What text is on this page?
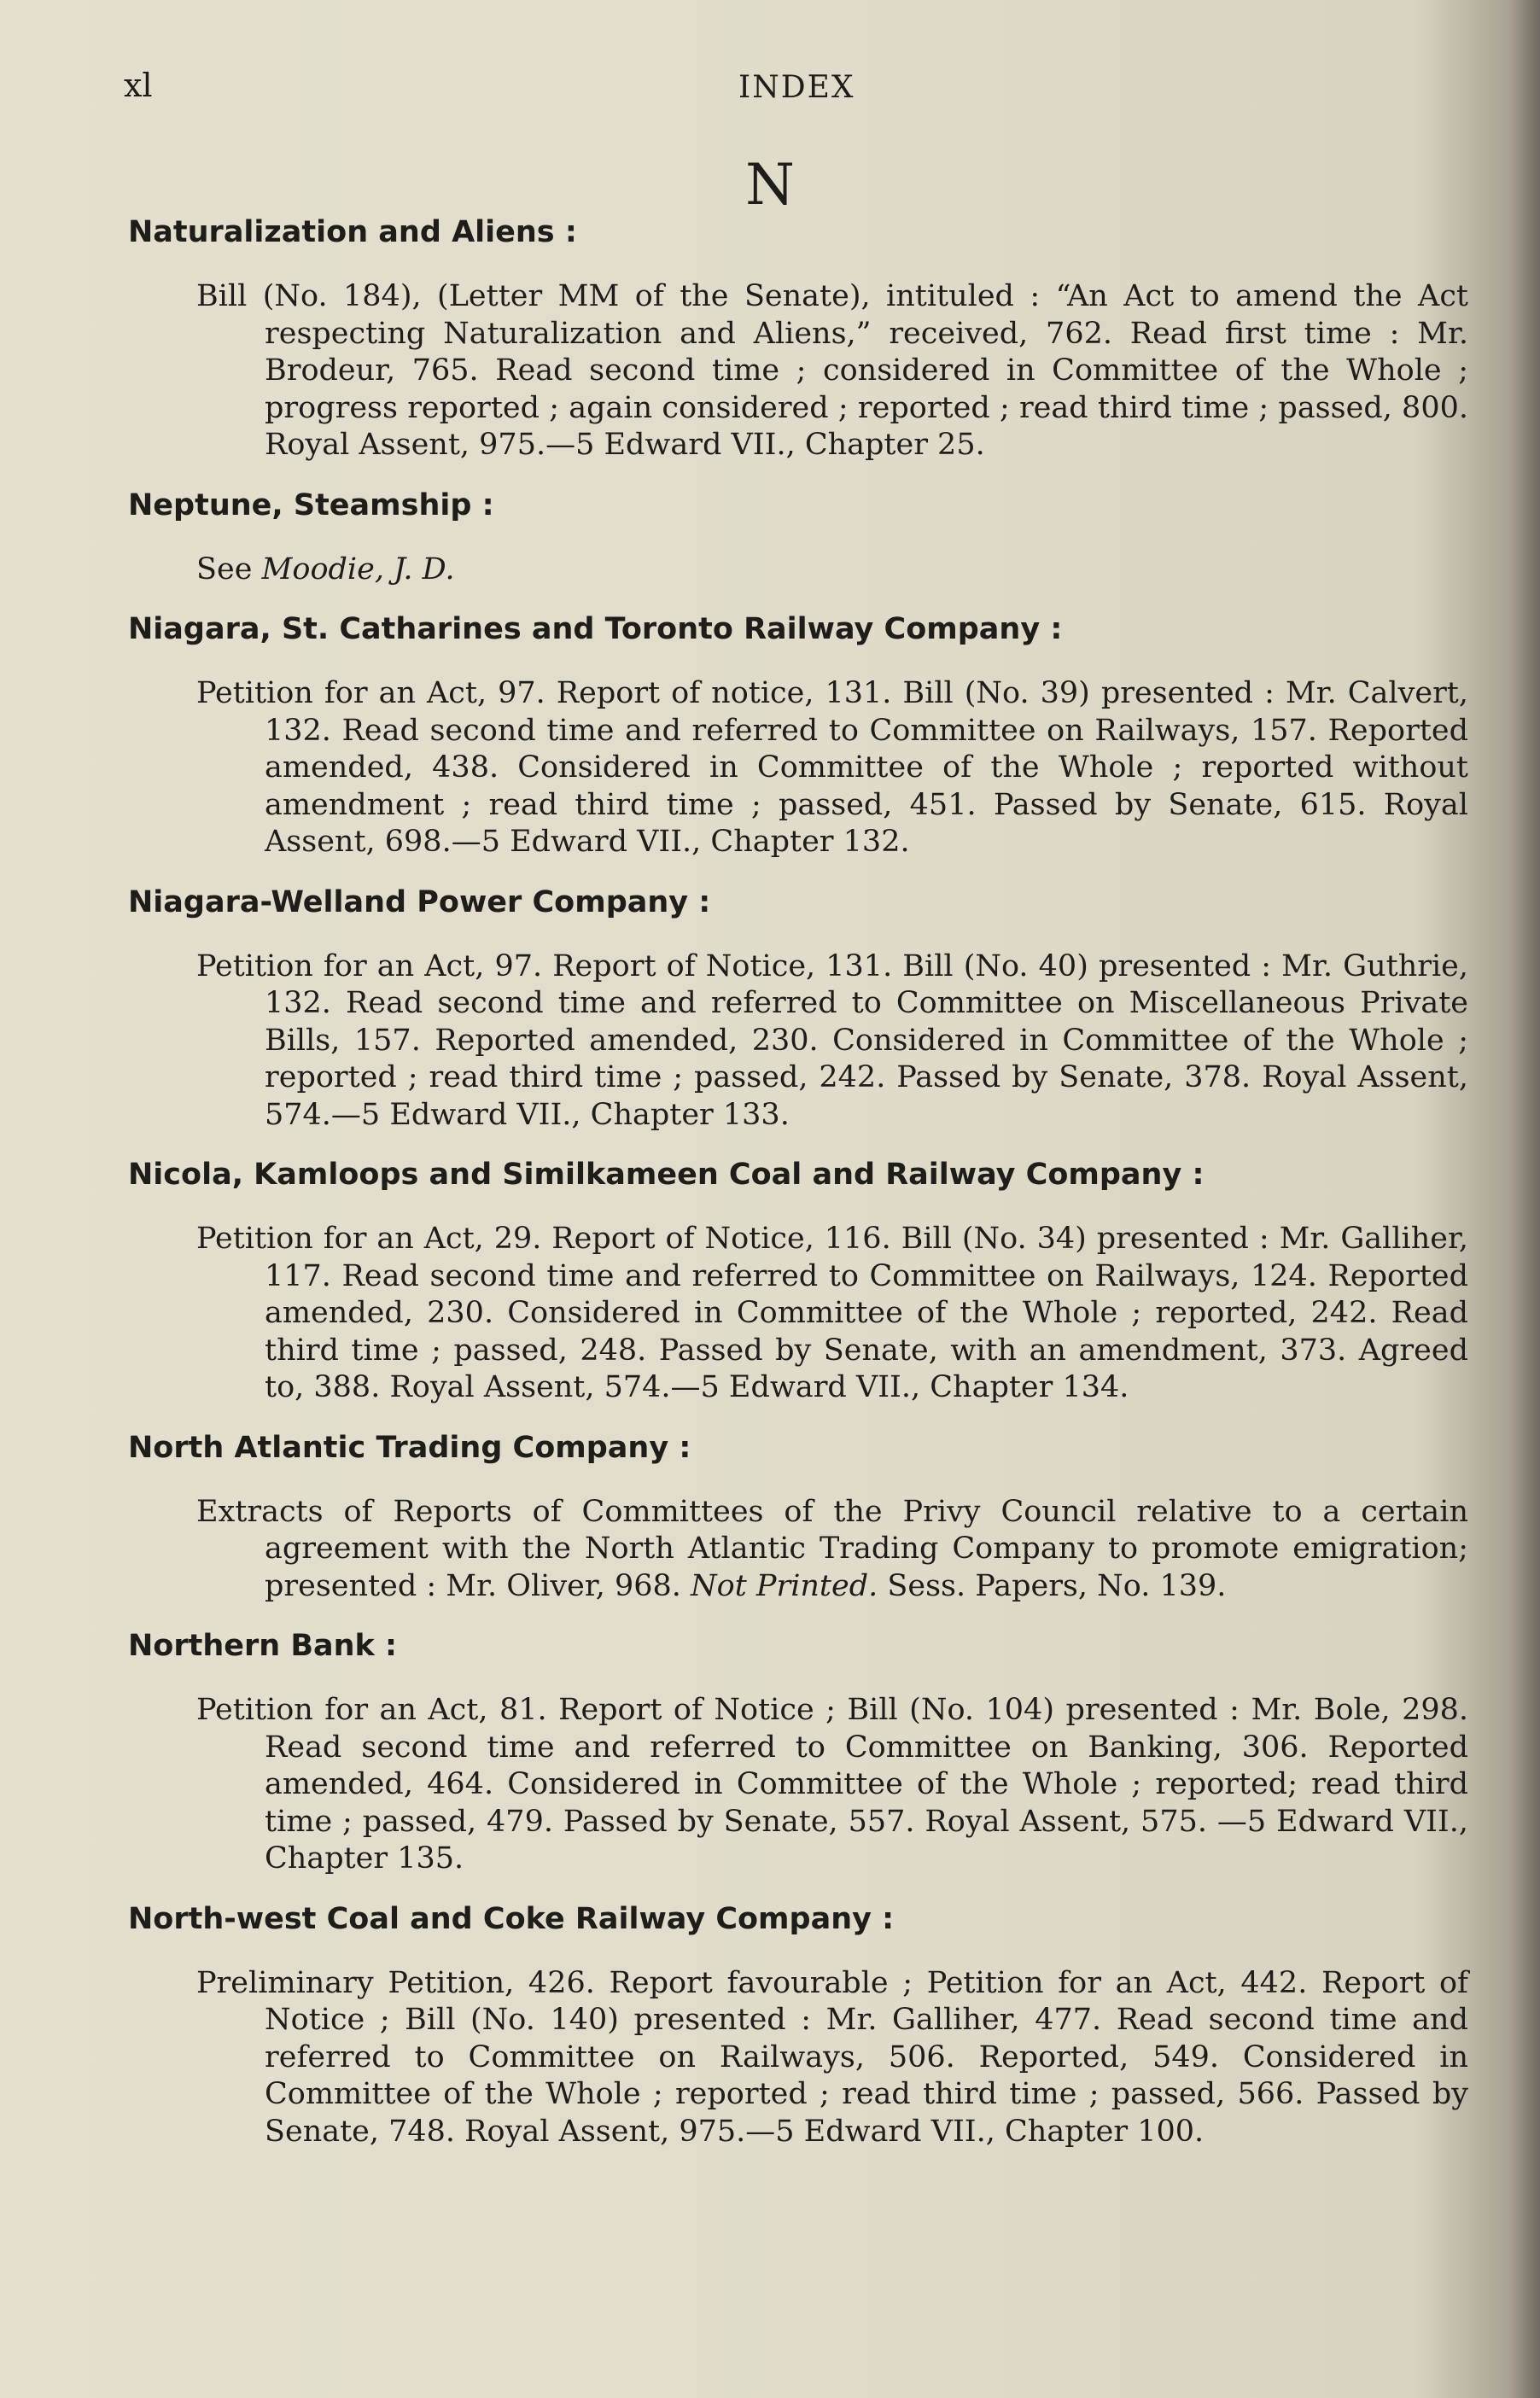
xl	INDEX
N
Naturalization and Aliens :

Bill (No. 184), (Letter MM of the Senate), intituled : “An Act to amend the Act respecting Naturalization and Aliens,” received, 762. Read first time : Mr. Brodeur, 765. Read second time ; considered in Committee of the Whole ; progress reported ; again considered ; reported ; read third time ; passed, 800. Royal Assent, 975.—5 Edward VII., Chapter 25.

Neptune, Steamship :

See Moodie, J. D.

Niagara, St. Catharines and Toronto Railway Company :

Petition for an Act, 97. Report of notice, 131. Bill (No. 39) presented : Mr. Calvert, 132. Read second time and referred to Committee on Railways, 157. Reported amended, 438. Considered in Committee of the Whole ; reported without amendment ; read third time ; passed, 451. Passed by Senate, 615. Royal Assent, 698.—5 Edward VII., Chapter 132.

Niagara-Welland Power Company :

Petition for an Act, 97. Report of Notice, 131. Bill (No. 40) presented : Mr. Guthrie, 132. Read second time and referred to Committee on Miscellaneous Private Bills, 157. Reported amended, 230. Considered in Committee of the Whole ; reported ; read third time ; passed, 242. Passed by Senate, 378. Royal Assent, 574.—5 Edward VII., Chapter 133.

Nicola, Kamloops and Similkameen Coal and Railway Company :

Petition for an Act, 29. Report of Notice, 116. Bill (No. 34) presented : Mr. Galliher, 117. Read second time and referred to Committee on Railways, 124. Reported amended, 230. Considered in Committee of the Whole ; reported, 242. Read third time ; passed, 248. Passed by Senate, with an amendment, 373. Agreed to, 388. Royal Assent, 574.—5 Edward VII., Chapter 134.

North Atlantic Trading Company :

Extracts of Reports of Committees of the Privy Council relative to a certain agreement with the North Atlantic Trading Company to promote emigration; presented : Mr. Oliver, 968. Not Printed. Sess. Papers, No. 139.

Northern Bank :

Petition for an Act, 81. Report of Notice ; Bill (No. 104) presented : Mr. Bole, 298. Read second time and referred to Committee on Banking, 306. Reported amended, 464. Considered in Committee of the Whole ; reported; read third time ; passed, 479. Passed by Senate, 557. Royal Assent, 575. —5 Edward VII., Chapter 135.

North-west Coal and Coke Railway Company :

Preliminary Petition, 426. Report favourable ; Petition for an Act, 442. Report of Notice ; Bill (No. 140) presented : Mr. Galliher, 477. Read second time and referred to Committee on Railways, 506. Reported, 549. Considered in Committee of the Whole ; reported ; read third time ; passed, 566. Passed by Senate, 748. Royal Assent, 975.—5 Edward VII., Chapter 100.
